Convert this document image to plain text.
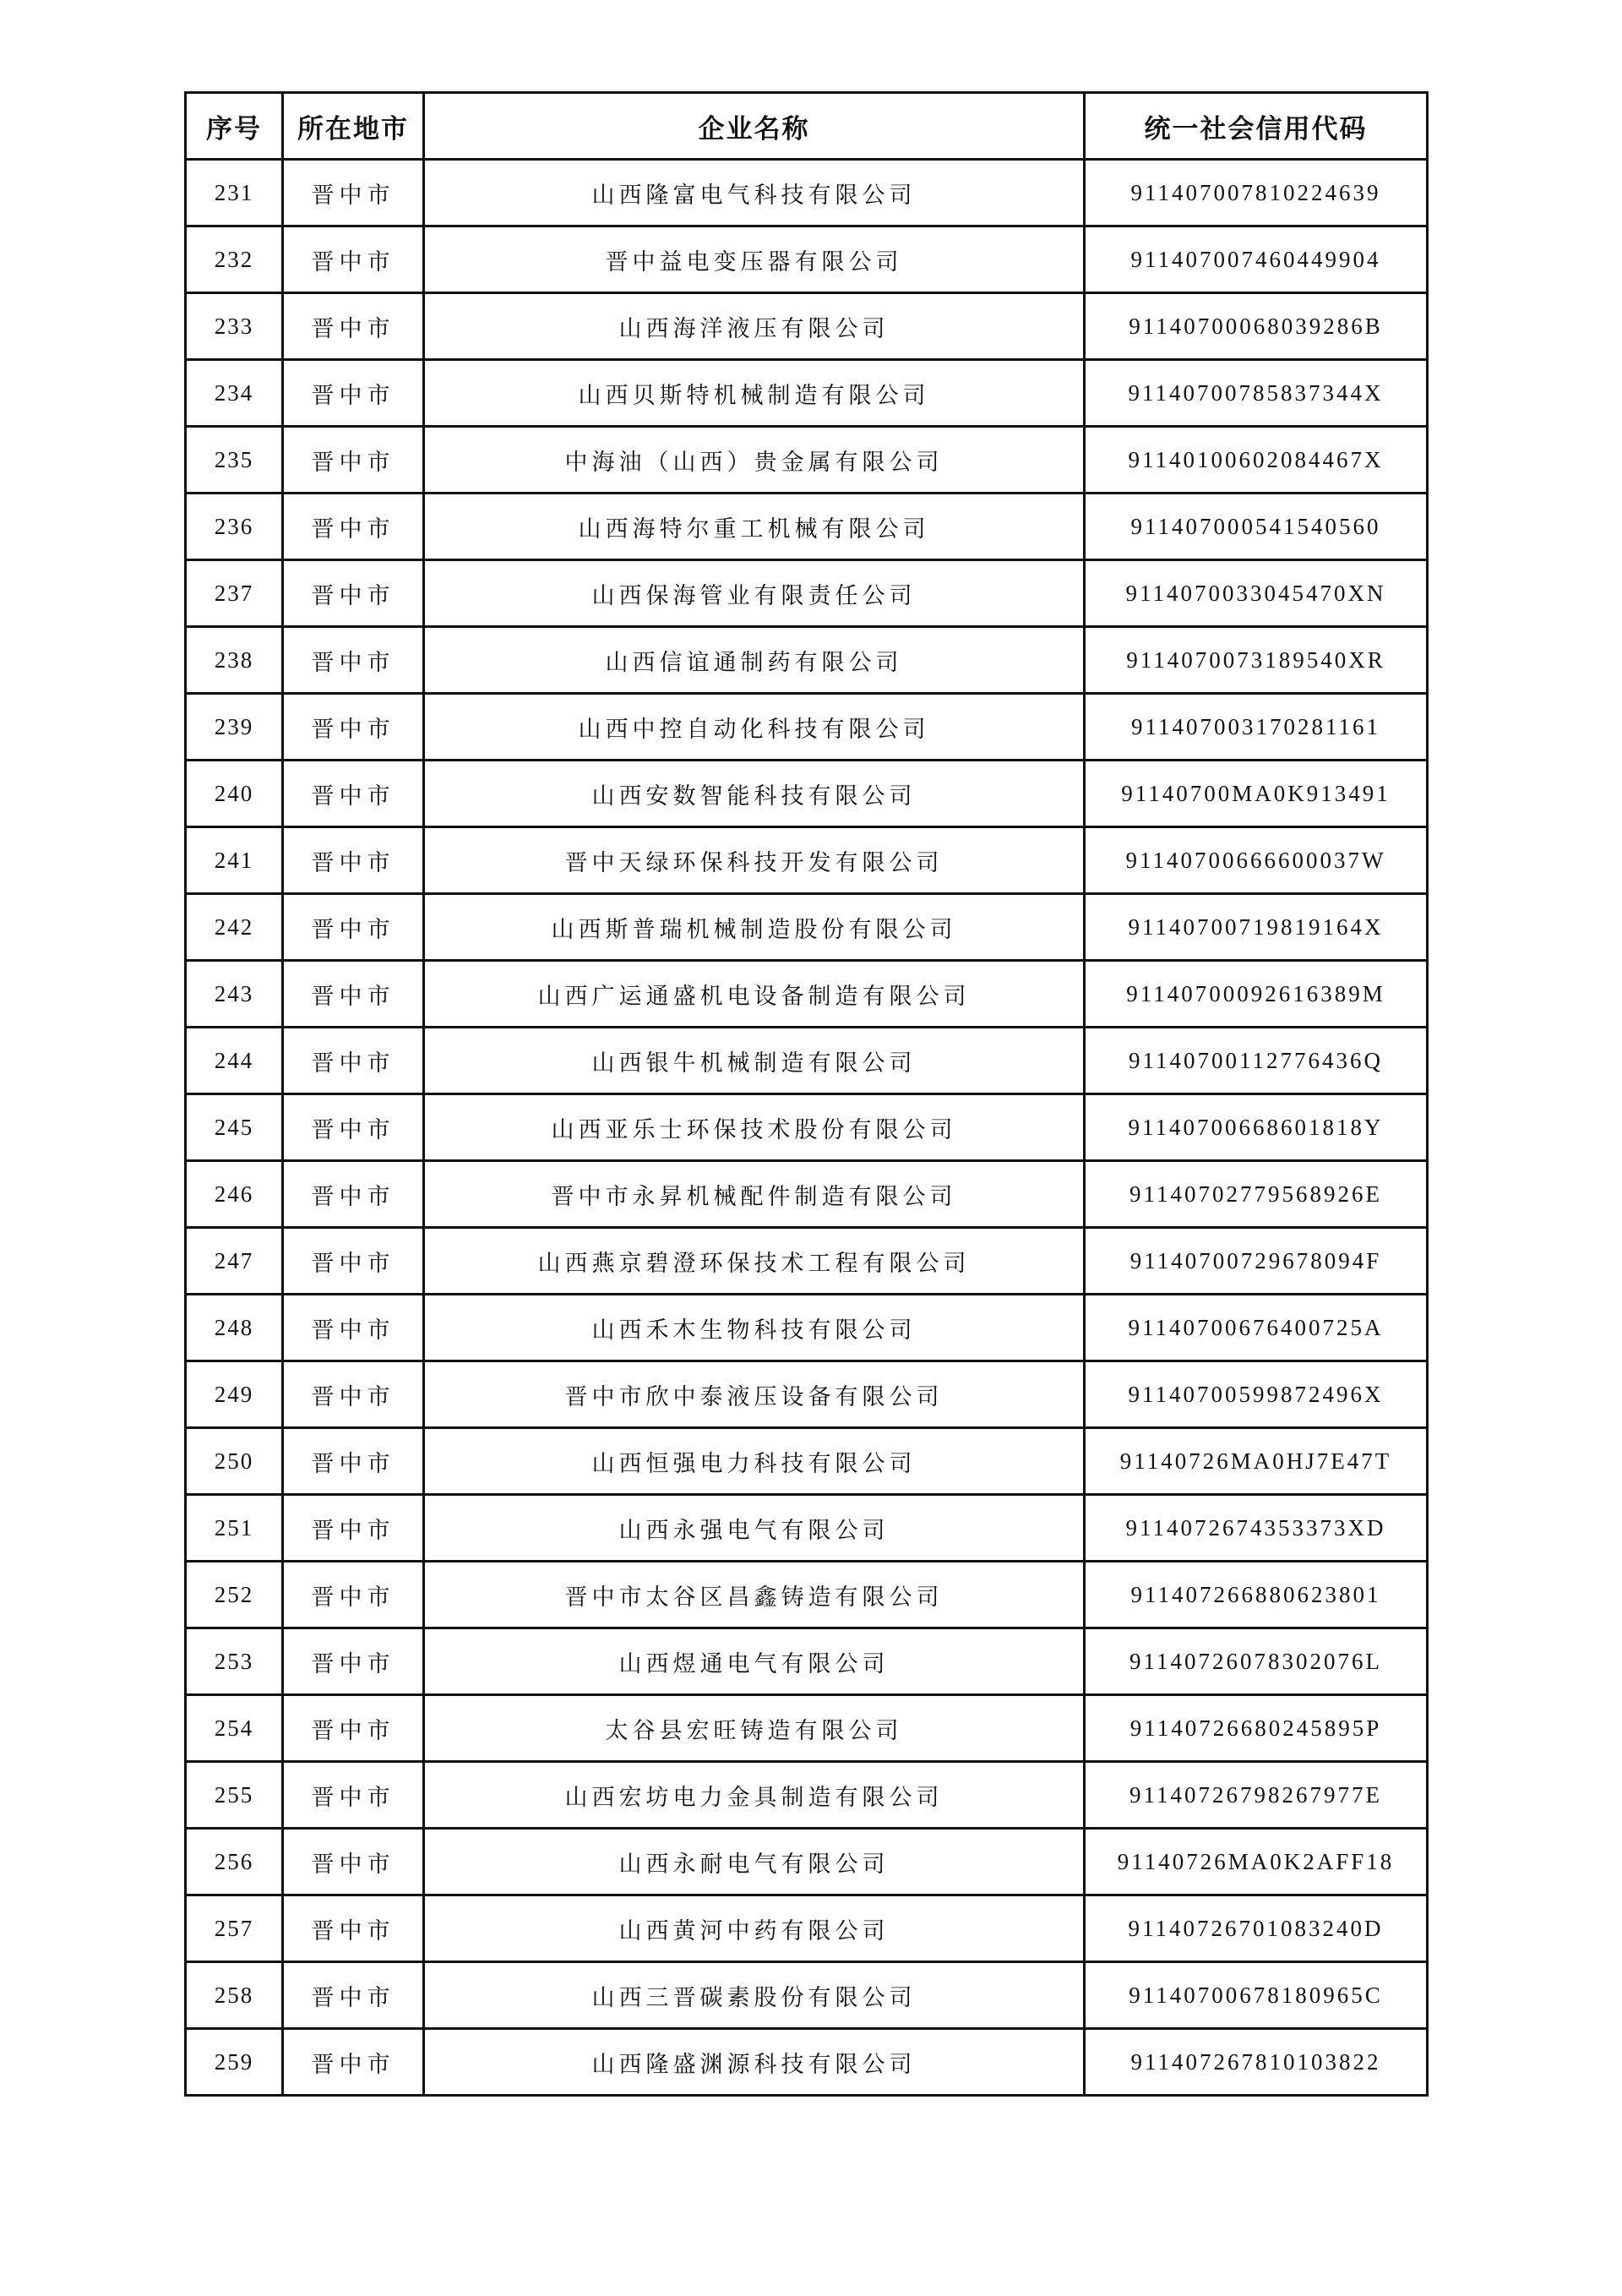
序号	所在地市	企业名称	统一社会信用代码
231	晋中市	山西隆富电气科技有限公司	911407007810224639
232	晋中市	晋中益电变压器有限公司	911407007460449904
233	晋中市	山西海洋液压有限公司	91140700068039286B
234	晋中市	山西贝斯特机械制造有限公司	91140700785837344X
235	晋中市	中海油（山西）贵金属有限公司	91140100602084467X
236	晋中市	山西海特尔重工机械有限公司	911407000541540560
237	晋中市	山西保海管业有限责任公司	9114070033045470XN
238	晋中市	山西信谊通制药有限公司	9114070073189540XR
239	晋中市	山西中控自动化科技有限公司	911407003170281161
240	晋中市	山西安数智能科技有限公司	91140700MA0K913491
241	晋中市	晋中天绿环保科技开发有限公司	91140700666600037W
242	晋中市	山西斯普瑞机械制造股份有限公司	91140700719819164X
243	晋中市	山西广运通盛机电设备制造有限公司	91140700092616389M
244	晋中市	山西银牛机械制造有限公司	91140700112776436Q
245	晋中市	山西亚乐士环保技术股份有限公司	91140700668601818Y
246	晋中市	晋中市永昇机械配件制造有限公司	91140702779568926E
247	晋中市	山西燕京碧澄环保技术工程有限公司	91140700729678094F
248	晋中市	山西禾木生物科技有限公司	91140700676400725A
249	晋中市	晋中市欣中泰液压设备有限公司	91140700599872496X
250	晋中市	山西恒强电力科技有限公司	91140726MA0HJ7E47T
251	晋中市	山西永强电气有限公司	9114072674353373XD
252	晋中市	晋中市太谷区昌鑫铸造有限公司	911407266880623801
253	晋中市	山西煜通电气有限公司	91140726078302076L
254	晋中市	太谷县宏旺铸造有限公司	91140726680245895P
255	晋中市	山西宏坊电力金具制造有限公司	91140726798267977E
256	晋中市	山西永耐电气有限公司	91140726MA0K2AFF18
257	晋中市	山西黄河中药有限公司	91140726701083240D
258	晋中市	山西三晋碳素股份有限公司	91140700678180965C
259	晋中市	山西隆盛渊源科技有限公司	911407267810103822
